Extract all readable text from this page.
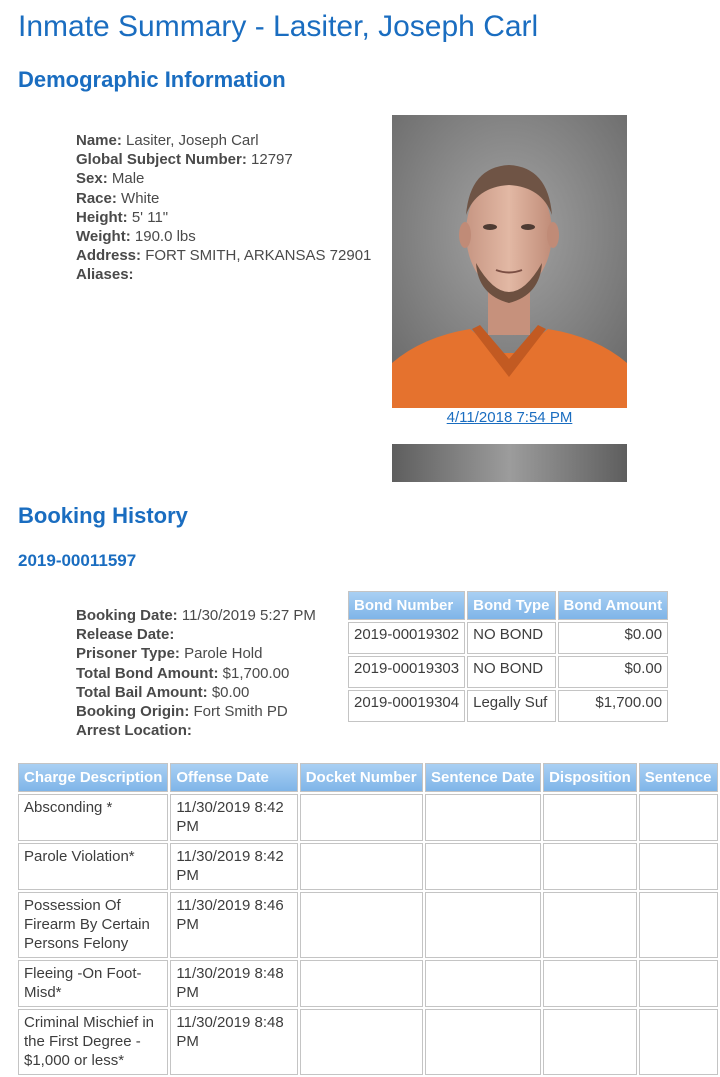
Inmate Summary - Lasiter, Joseph Carl
Demographic Information
Name: Lasiter, Joseph Carl
Global Subject Number: 12797
Sex: Male
Race: White
Height: 5' 11"
Weight: 190.0 lbs
Address: FORT SMITH, ARKANSAS 72901
Aliases:
4/11/2018 7:54 PM
Booking History
2019-00011597
Booking Date: 11/30/2019 5:27 PM
Release Date:
Prisoner Type: Parole Hold
Total Bond Amount: $1,700.00
Total Bail Amount: $0.00
Booking Origin: Fort Smith PD
Arrest Location:
Bond Number	Bond Type	Bond Amount
2019-00019302	NO BOND	$0.00
2019-00019303	NO BOND	$0.00
2019-00019304	Legally Suf	$1,700.00
Charge Description	Offense Date	Docket Number	Sentence Date	Disposition	Sentence
Absconding *	11/30/2019 8:42 PM				
Parole Violation*	11/30/2019 8:42 PM				
Possession Of Firearm By Certain Persons Felony	11/30/2019 8:46 PM				
Fleeing -On Foot- Misd*	11/30/2019 8:48 PM				
Criminal Mischief in the First Degree - $1,000 or less*	11/30/2019 8:48 PM				
